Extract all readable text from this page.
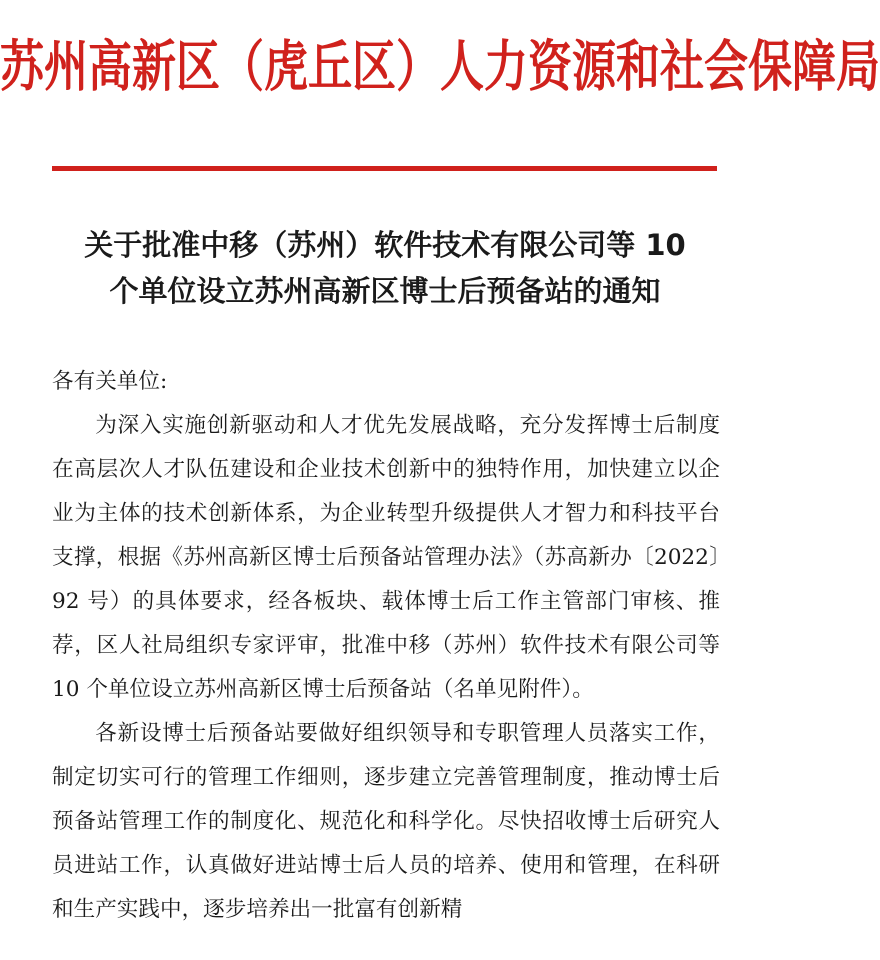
苏州高新区（虎丘区）人力资源和社会保障局
关于批准中移（苏州）软件技术有限公司等 10
个单位设立苏州高新区博士后预备站的通知

各有关单位:

为深入实施创新驱动和人才优先发展战略，充分发挥博士后制度在高层次人才队伍建设和企业技术创新中的独特作用，加快建立以企业为主体的技术创新体系，为企业转型升级提供人才智力和科技平台支撑，根据《苏州高新区博士后预备站管理办法》（苏高新办〔2022〕92 号）的具体要求，经各板块、载体博士后工作主管部门审核、推荐，区人社局组织专家评审，批准中移（苏州）软件技术有限公司等 10 个单位设立苏州高新区博士后预备站（名单见附件）。

各新设博士后预备站要做好组织领导和专职管理人员落实工作，制定切实可行的管理工作细则，逐步建立完善管理制度，推动博士后预备站管理工作的制度化、规范化和科学化。尽快招收博士后研究人员进站工作，认真做好进站博士后人员的培养、使用和管理，在科研和生产实践中，逐步培养出一批富有创新精
